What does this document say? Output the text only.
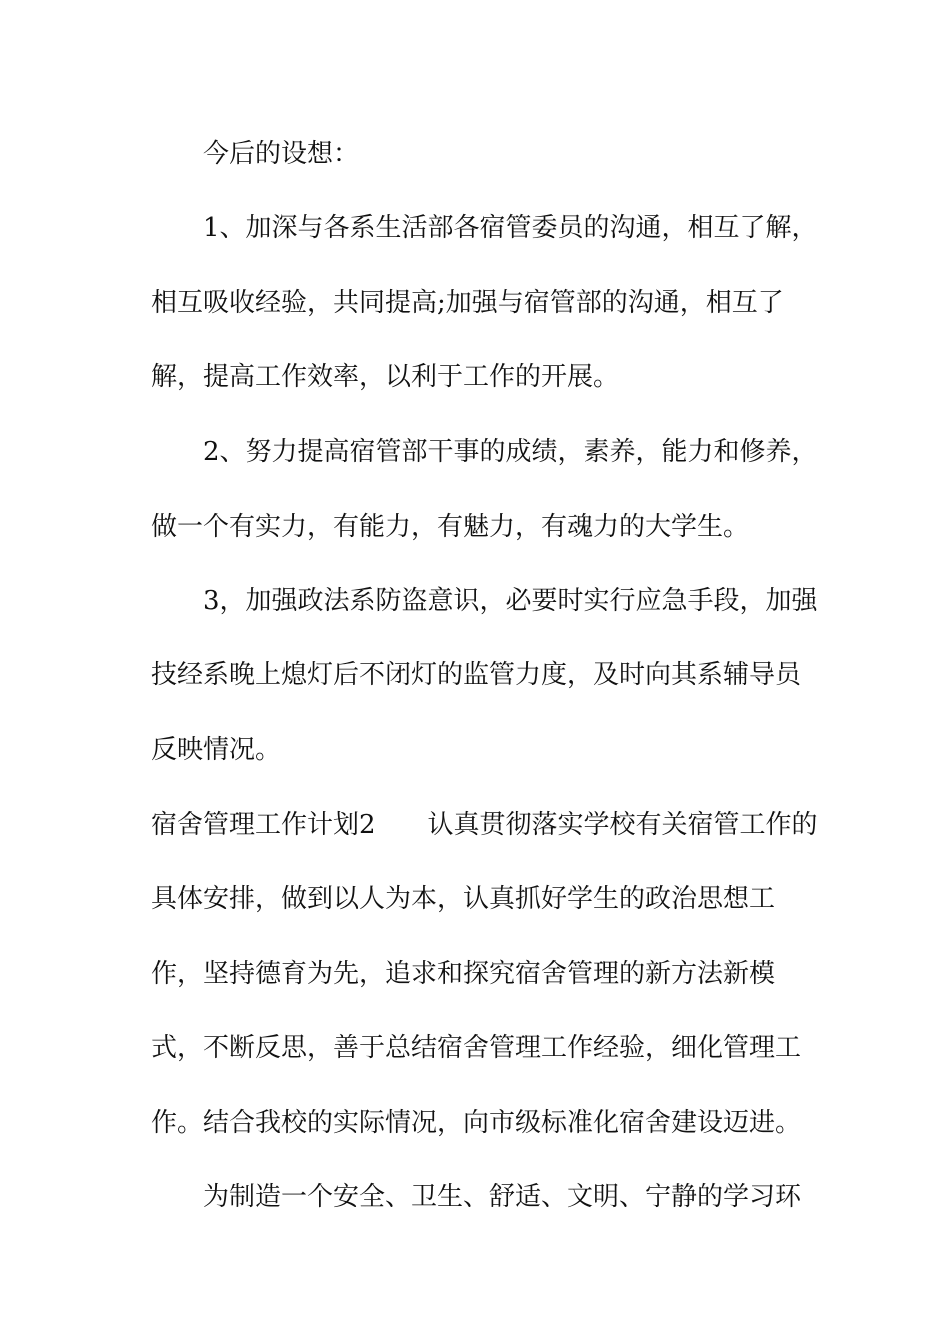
今后的设想：
1、加深与各系生活部各宿管委员的沟通，相互了解，
相互吸收经验，共同提高;加强与宿管部的沟通，相互了
解，提高工作效率，以利于工作的开展。
2、努力提高宿管部干事的成绩，素养，能力和修养，
做一个有实力，有能力，有魅力，有魂力的大学生。
3，加强政法系防盗意识，必要时实行应急手段，加强
技经系晚上熄灯后不闭灯的监管力度，及时向其系辅导员
反映情况。
宿舍管理工作计划2 认真贯彻落实学校有关宿管工作的
具体安排，做到以人为本，认真抓好学生的政治思想工
作，坚持德育为先，追求和探究宿舍管理的新方法新模
式，不断反思，善于总结宿舍管理工作经验，细化管理工
作。结合我校的实际情况，向市级标准化宿舍建设迈进。
为制造一个安全、卫生、舒适、文明、宁静的学习环
